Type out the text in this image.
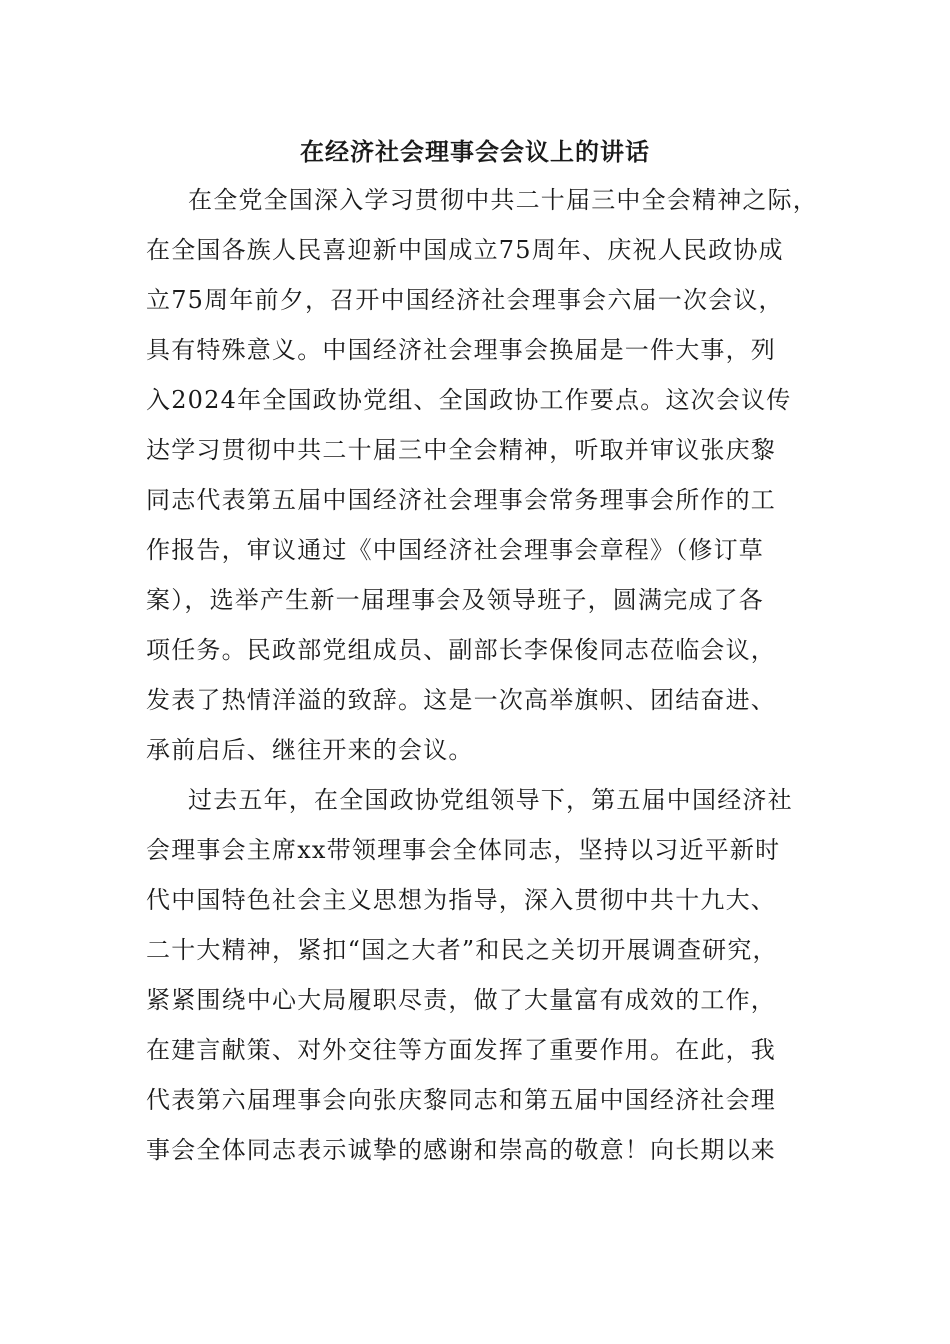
在经济社会理事会会议上的讲话
在全党全国深入学习贯彻中共二十届三中全会精神之际，
在全国各族人民喜迎新中国成立75周年、庆祝人民政协成
立75周年前夕，召开中国经济社会理事会六届一次会议，
具有特殊意义。中国经济社会理事会换届是一件大事，列
入2024年全国政协党组、全国政协工作要点。这次会议传
达学习贯彻中共二十届三中全会精神，听取并审议张庆黎
同志代表第五届中国经济社会理事会常务理事会所作的工
作报告，审议通过《中国经济社会理事会章程》（修订草
案），选举产生新一届理事会及领导班子，圆满完成了各
项任务。民政部党组成员、副部长李保俊同志莅临会议，
发表了热情洋溢的致辞。这是一次高举旗帜、团结奋进、
承前启后、继往开来的会议。
过去五年，在全国政协党组领导下，第五届中国经济社
会理事会主席xx带领理事会全体同志，坚持以习近平新时
代中国特色社会主义思想为指导，深入贯彻中共十九大、
二十大精神，紧扣“国之大者”和民之关切开展调查研究，
紧紧围绕中心大局履职尽责，做了大量富有成效的工作，
在建言献策、对外交往等方面发挥了重要作用。在此，我
代表第六届理事会向张庆黎同志和第五届中国经济社会理
事会全体同志表示诚挚的感谢和崇高的敬意！向长期以来
